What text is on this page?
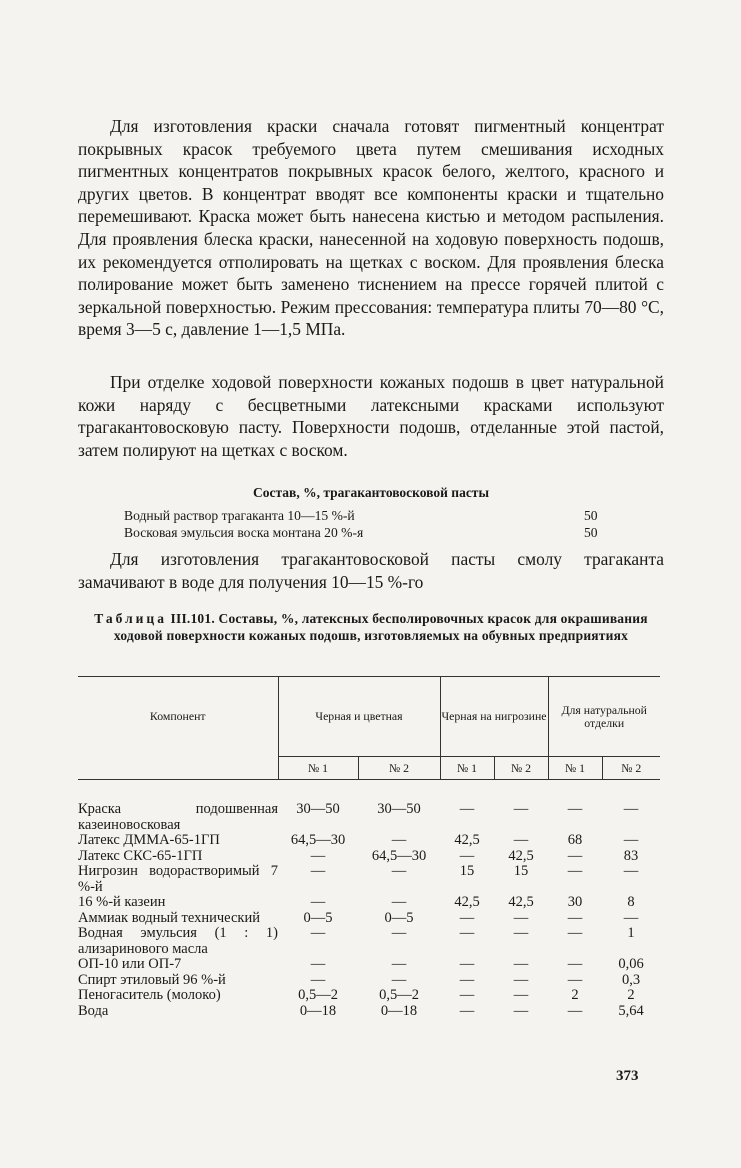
Для изготовления краски сначала готовят пигментный концентрат покрывных красок требуемого цвета путем смешивания исходных пигментных концентратов покрывных красок белого, желтого, красного и других цветов. В концентрат вводят все компоненты краски и тщательно перемешивают. Краска может быть нанесена кистью и методом распыления. Для проявления блеска краски, нанесенной на ходовую поверхность подошв, их рекомендуется отполировать на щетках с воском. Для проявления блеска полирование может быть заменено тиснением на прессе горячей плитой с зеркальной поверхностью. Режим прессования: температура плиты 70—80 °С, время 3—5 с, давление 1—1,5 МПа.

При отделке ходовой поверхности кожаных подошв в цвет натуральной кожи наряду с бесцветными латексными красками используют трагакантовосковую пасту. Поверхности подошв, отделанные этой пастой, затем полируют на щетках с воском.

Состав, %, трагакантовосковой пасты
Водный раствор трагаканта 10—15 %-й	50
Восковая эмульсия воска монтана 20 %-я	50

Для изготовления трагакантовосковой пасты смолу трагаканта замачивают в воде для получения 10—15 %-го

Таблица III.101. Составы, %, латексных бесполировочных красок для окрашивания ходовой поверхности кожаных подошв, изготовляемых на обувных предприятиях
Компонент	Черная и цветная		Черная на нигрозине		Для натуральной отделки	
	№ 1	№ 2	№ 1	№ 2	№ 1	№ 2

Краска подошвенная казеиновосковая	30—50	30—50	—	—	—	—
Латекс ДММА-65-1ГП	64,5—30	—	42,5	—	68	—
Латекс СКС-65-1ГП	—	64,5—30	—	42,5	—	83
Нигрозин водорастворимый 7 %-й	—	—	15	15	—	—
16 %-й казеин	—	—	42,5	42,5	30	8
Аммиак водный технический	0—5	0—5	—	—	—	—
Водная эмульсия (1 : 1) ализаринового масла	—	—	—	—	—	1
ОП-10 или ОП-7	—	—	—	—	—	0,06
Спирт этиловый 96 %-й	—	—	—	—	—	0,3
Пеногаситель (молоко)	0,5—2	0,5—2	—	—	2	2
Вода	0—18	0—18	—	—	—	5,64
373
